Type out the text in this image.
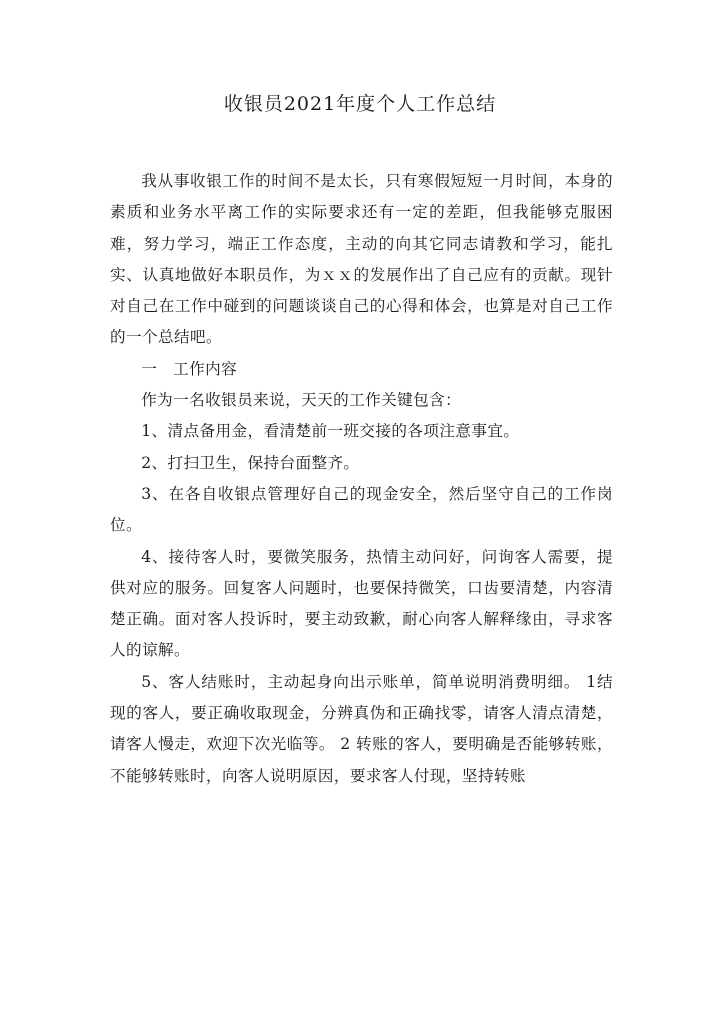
收银员2021年度个人工作总结

我从事收银工作的时间不是太长，只有寒假短短一月时间，本身的素质和业务水平离工作的实际要求还有一定的差距，但我能够克服困难，努力学习，端正工作态度，主动的向其它同志请教和学习，能扎实、认真地做好本职员作，为ｘｘ的发展作出了自己应有的贡献。现针对自己在工作中碰到的问题谈谈自己的心得和体会，也算是对自己工作的一个总结吧。

一　工作内容

作为一名收银员来说，天天的工作关键包含：

1、清点备用金，看清楚前一班交接的各项注意事宜。

2、打扫卫生，保持台面整齐。

3、在各自收银点管理好自己的现金安全，然后坚守自己的工作岗位。

4、接待客人时，要微笑服务，热情主动问好，问询客人需要，提供对应的服务。回复客人问题时，也要保持微笑，口齿要清楚，内容清楚正确。面对客人投诉时，要主动致歉，耐心向客人解释缘由，寻求客人的谅解。

5、客人结账时，主动起身向出示账单，简单说明消费明细。 1结现的客人，要正确收取现金，分辨真伪和正确找零，请客人清点清楚，请客人慢走，欢迎下次光临等。 2 转账的客人，要明确是否能够转账，不能够转账时，向客人说明原因，要求客人付现，坚持转账
